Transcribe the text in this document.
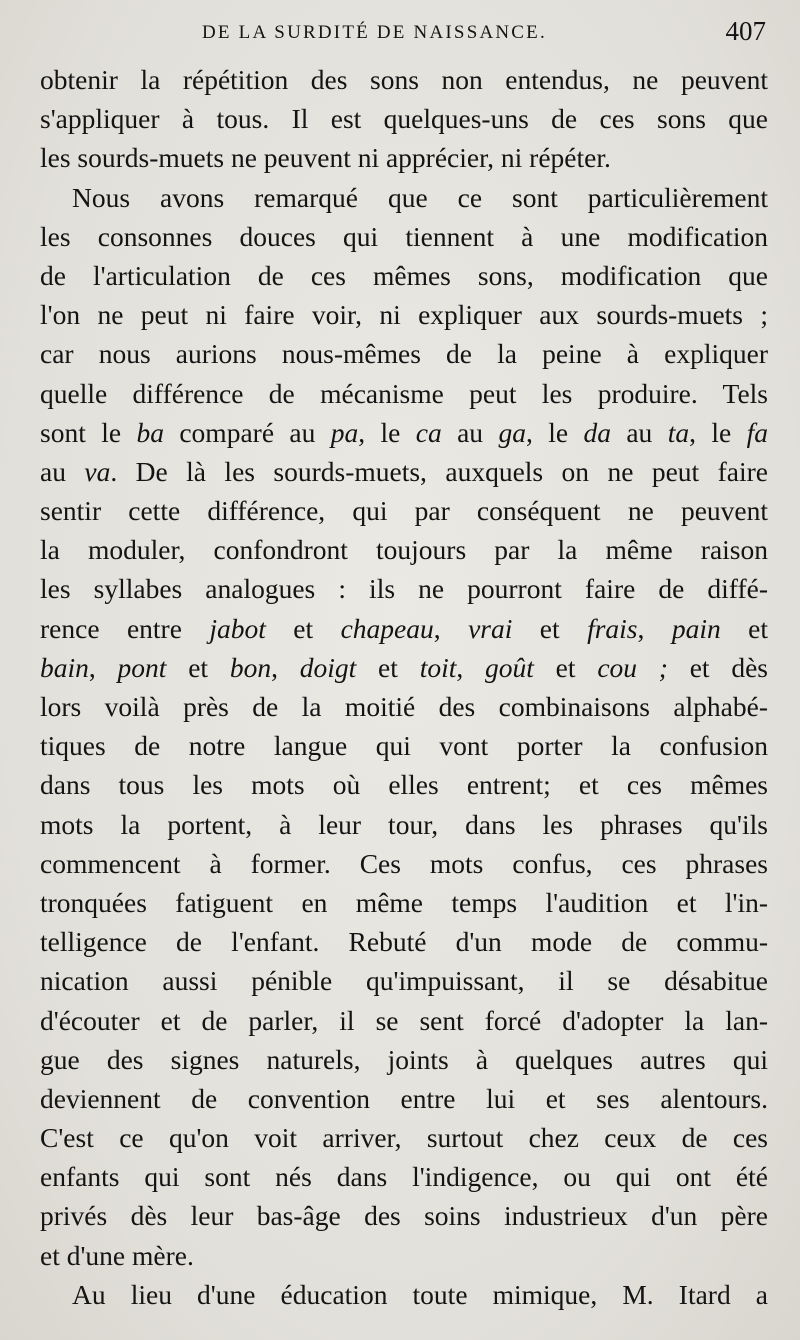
DE LA SURDITÉ DE NAISSANCE.	407
obtenir la répétition des sons non entendus, ne peuvent
s'appliquer à tous. Il est quelques-uns de ces sons que
les sourds-muets ne peuvent ni apprécier, ni répéter.
Nous avons remarqué que ce sont particulièrement
les consonnes douces qui tiennent à une modification
de l'articulation de ces mêmes sons, modification que
l'on ne peut ni faire voir, ni expliquer aux sourds-muets ;
car nous aurions nous-mêmes de la peine à expliquer
quelle différence de mécanisme peut les produire. Tels
sont le ba comparé au pa, le ca au ga, le da au ta, le fa
au va. De là les sourds-muets, auxquels on ne peut faire
sentir cette différence, qui par conséquent ne peuvent
la moduler, confondront toujours par la même raison
les syllabes analogues : ils ne pourront faire de diffé-
rence entre jabot et chapeau, vrai et frais, pain et
bain, pont et bon, doigt et toit, goût et cou ; et dès
lors voilà près de la moitié des combinaisons alphabé-
tiques de notre langue qui vont porter la confusion
dans tous les mots où elles entrent; et ces mêmes
mots la portent, à leur tour, dans les phrases qu'ils
commencent à former. Ces mots confus, ces phrases
tronquées fatiguent en même temps l'audition et l'in-
telligence de l'enfant. Rebuté d'un mode de commu-
nication aussi pénible qu'impuissant, il se désabitue
d'écouter et de parler, il se sent forcé d'adopter la lan-
gue des signes naturels, joints à quelques autres qui
deviennent de convention entre lui et ses alentours.
C'est ce qu'on voit arriver, surtout chez ceux de ces
enfants qui sont nés dans l'indigence, ou qui ont été
privés dès leur bas-âge des soins industrieux d'un père
et d'une mère.
Au lieu d'une éducation toute mimique, M. Itard a
